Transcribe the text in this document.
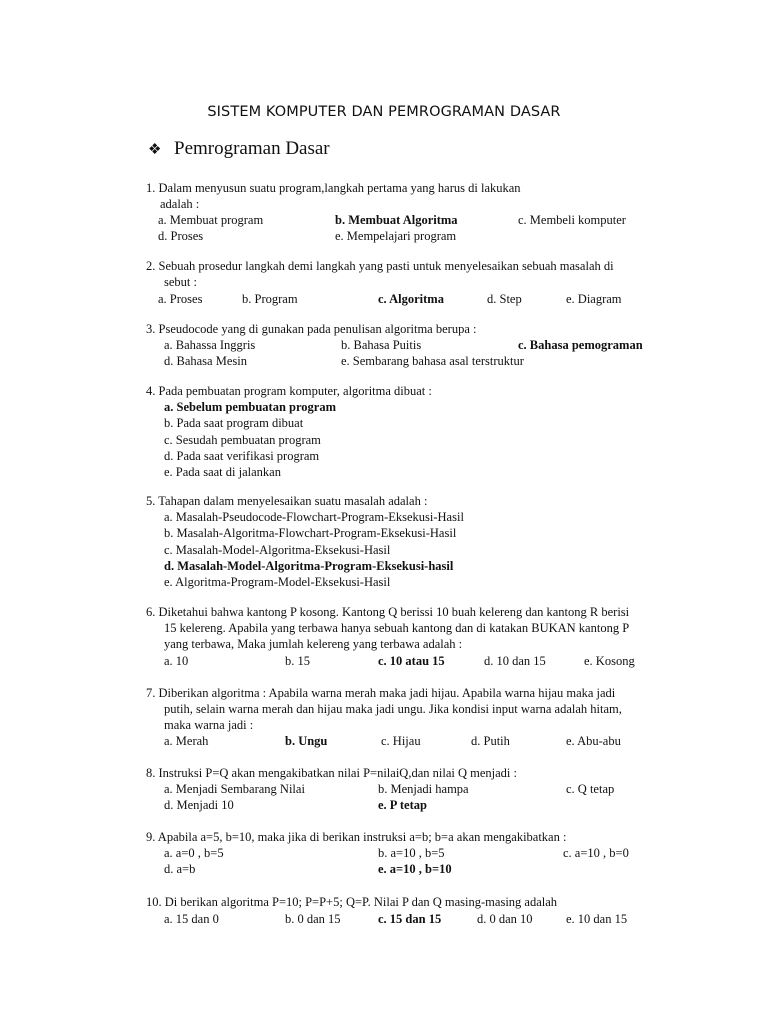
SISTEM KOMPUTER DAN PEMROGRAMAN DASAR
❖ Pemrograman Dasar
1. Dalam menyusun suatu program,langkah pertama yang harus di lakukan
adalah :
a. Membuat program	b. Membuat Algoritma	c. Membeli komputer
d. Proses	e. Mempelajari program
2. Sebuah prosedur langkah demi langkah yang pasti untuk menyelesaikan sebuah masalah di
sebut :
a. Proses	b. Program	c. Algoritma	d. Step	e. Diagram
3. Pseudocode yang di gunakan pada penulisan algoritma berupa :
a. Bahassa Inggris	b. Bahasa Puitis	c. Bahasa pemograman
d. Bahasa Mesin	e. Sembarang bahasa asal terstruktur
4. Pada pembuatan program komputer, algoritma dibuat :
a. Sebelum pembuatan program
b. Pada saat program dibuat
c. Sesudah pembuatan program
d. Pada saat verifikasi program
e. Pada saat di jalankan
5. Tahapan dalam menyelesaikan suatu masalah adalah :
a. Masalah-Pseudocode-Flowchart-Program-Eksekusi-Hasil
b. Masalah-Algoritma-Flowchart-Program-Eksekusi-Hasil
c. Masalah-Model-Algoritma-Eksekusi-Hasil
d. Masalah-Model-Algoritma-Program-Eksekusi-hasil
e. Algoritma-Program-Model-Eksekusi-Hasil
6. Diketahui bahwa kantong P kosong. Kantong Q berissi 10 buah kelereng dan kantong R berisi
15 kelereng. Apabila yang terbawa hanya sebuah kantong dan di katakan BUKAN kantong P
yang terbawa, Maka jumlah kelereng yang terbawa adalah :
a. 10	b. 15	c. 10 atau 15	d. 10 dan 15	e. Kosong
7. Diberikan algoritma : Apabila warna merah maka jadi hijau. Apabila warna hijau maka jadi
putih, selain warna merah dan hijau maka jadi ungu. Jika kondisi input warna adalah hitam,
maka warna jadi :
a. Merah	b. Ungu	c. Hijau	d. Putih	e. Abu-abu
8. Instruksi P=Q akan mengakibatkan nilai P=nilaiQ,dan nilai Q menjadi :
a. Menjadi Sembarang Nilai	b. Menjadi hampa	c. Q tetap
d. Menjadi 10	e. P tetap
9. Apabila a=5, b=10, maka jika di berikan instruksi a=b; b=a akan mengakibatkan :
a. a=0 , b=5	b. a=10 , b=5	c. a=10 , b=0
d. a=b	e. a=10 , b=10
10. Di berikan algoritma P=10; P=P+5; Q=P. Nilai P dan Q masing-masing adalah
a. 15 dan 0	b. 0 dan 15	c. 15 dan 15	d. 0 dan 10	e. 10 dan 15
